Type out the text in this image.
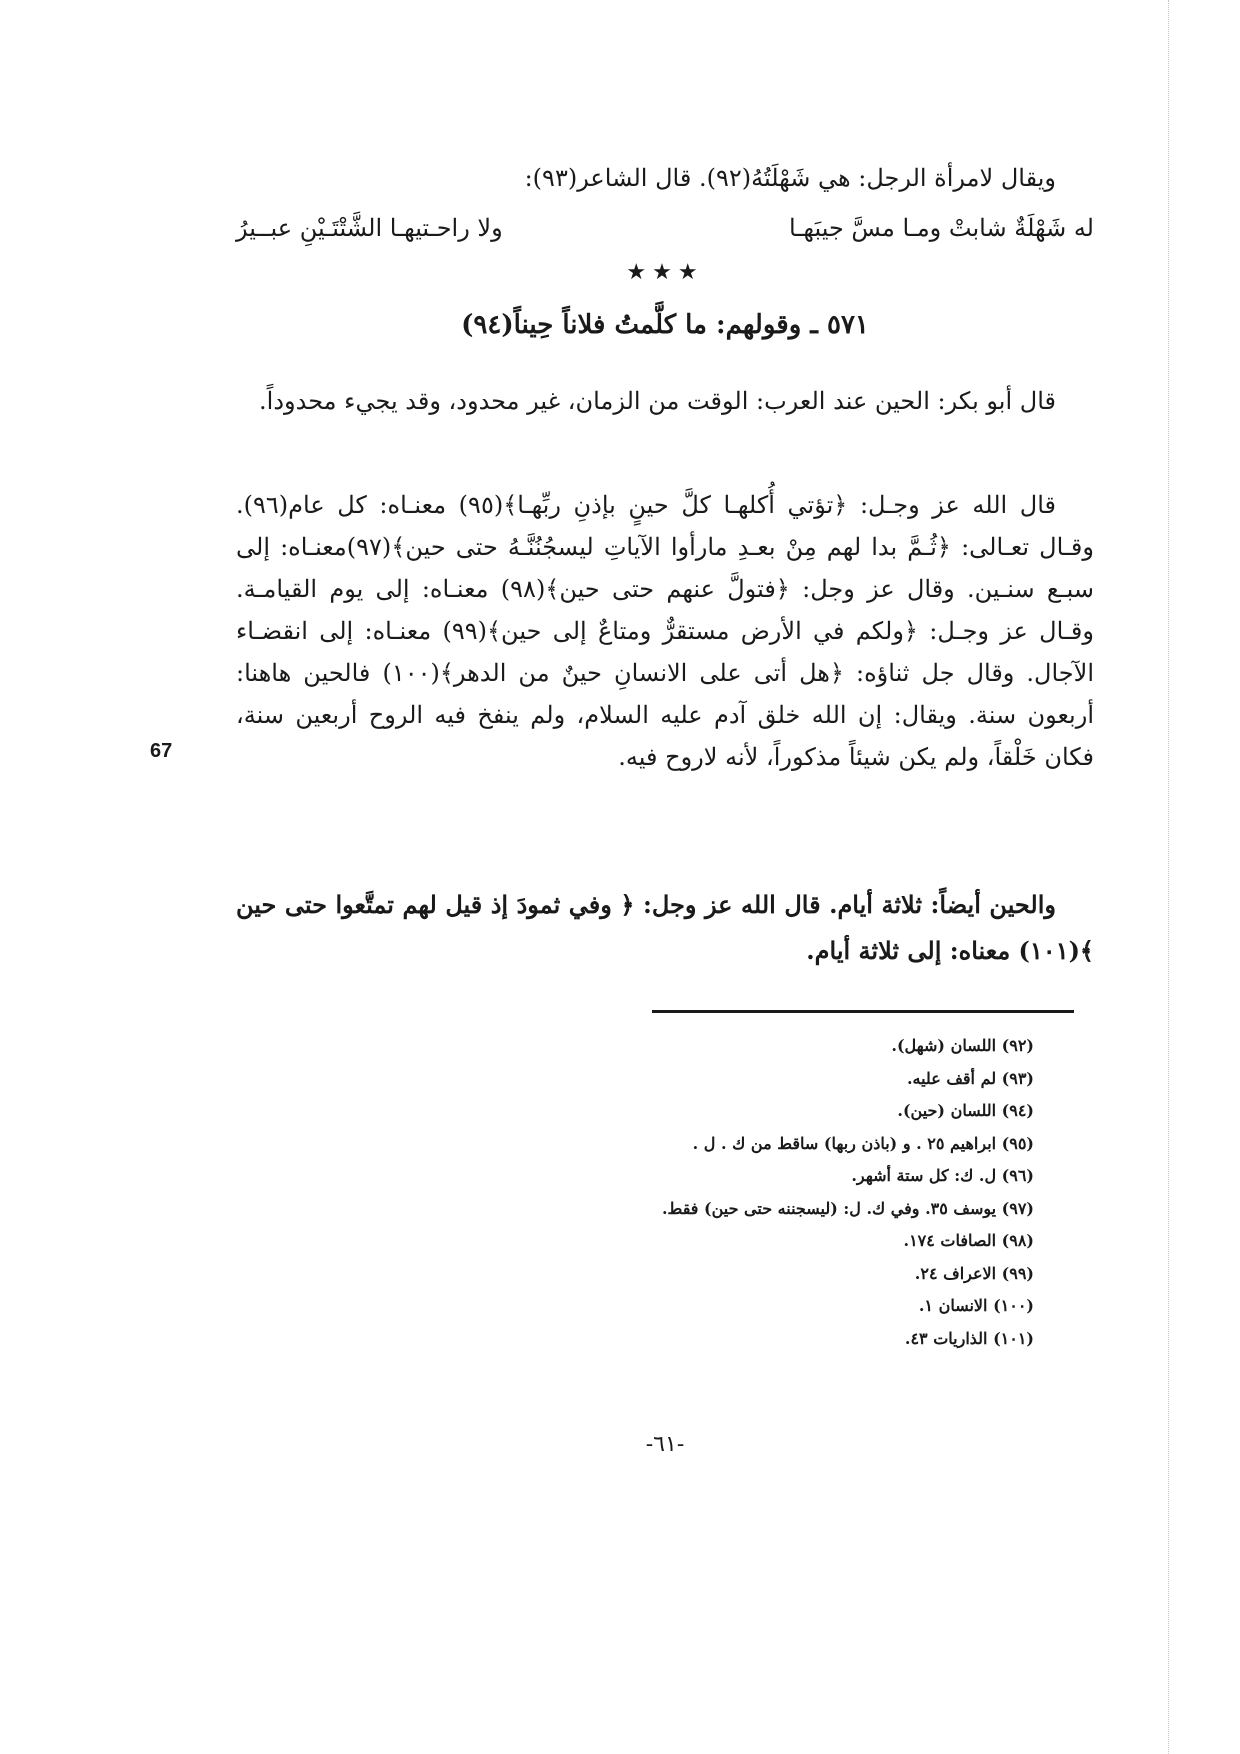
ويقال لامرأة الرجل: هي شَهْلَتُهُ(٩٢). قال الشاعر(٩٣):
له شَهْلَةٌ شابتْ ومـا مسَّ جيبَهـا
ولا راحـتيهـا الشَّتْتَـيْنِ عبــيرُ
★★★
٥٧١ ـ وقولهم: ما كلَّمتُ فلاناً حِيناً(٩٤)
قال أبو بكر: الحين عند العرب: الوقت من الزمان، غير محدود، وقد يجيء محدوداً.
قال الله عز وجـل: ﴿تؤتي أُكلهـا كلَّ حينٍ بإذنِ ربِّهـا﴾(٩٥) معنـاه: كل عام(٩٦). وقـال تعـالى: ﴿ثُـمَّ بدا لهم مِنْ بعـدِ مارأوا الآياتِ ليسجُنُنَّـهُ حتى حين﴾(٩٧)معنـاه: إلى سبـع سنـين. وقال عز وجل: ﴿فتولَّ عنهم حتى حين﴾(٩٨) معنـاه: إلى يوم القيامـة. وقـال عز وجـل: ﴿ولكم في الأرض مستقرٌّ ومتاعٌ إلى حين﴾(٩٩) معنـاه: إلى انقضـاء الآجال. وقال جل ثناؤه: ﴿هل أتى على الانسانِ حينٌ من الدهر﴾(١٠٠) فالحين هاهنا: أربعون سنة. ويقال: إن الله خلق آدم عليه السلام، ولم ينفخ فيه الروح أربعين سنة، فكان خَلْقاً، ولم يكن شيئاً مذكوراً، لأنه لاروح فيه.
والحين أيضاً: ثلاثة أيام. قال الله عز وجل: ﴿ وفي ثمودَ إذ قيل لهم تمتَّعوا حتى حين ﴾(١٠١) معناه: إلى ثلاثة أيام.
67
(٩٢) اللسان (شهل).
(٩٣) لم أقف عليه.
(٩٤) اللسان (حين).
(٩٥) ابراهيم ٢٥ . و (باذن ربها) ساقط من ك . ل .
(٩٦) ل. ك: كل ستة أشهر.
(٩٧) يوسف ٣٥. وفي ك. ل: (ليسجننه حتى حين) فقط.
(٩٨) الصافات ١٧٤.
(٩٩) الاعراف ٢٤.
(١٠٠) الانسان ١.
(١٠١) الذاريات ٤٣.
-٦١-
